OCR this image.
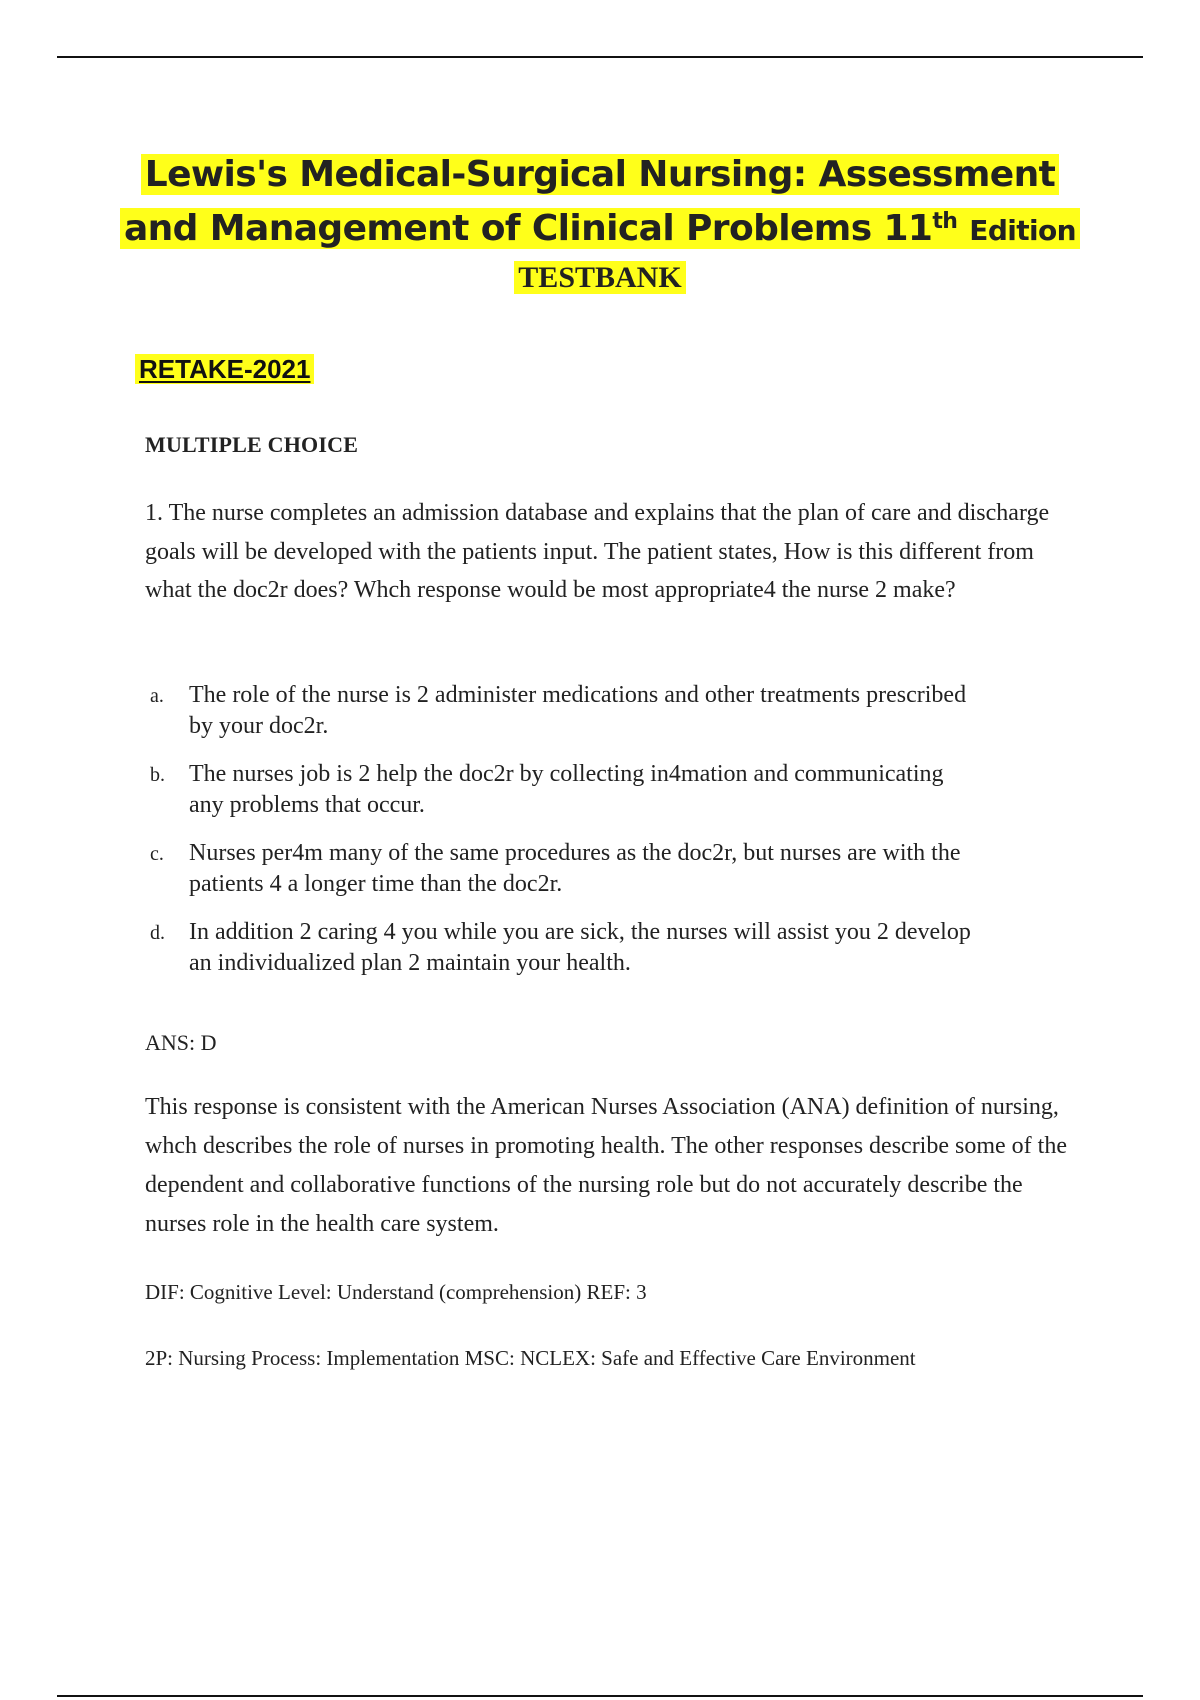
Lewis's Medical-Surgical Nursing: Assessment
and Management of Clinical Problems 11th Edition
TESTBANK
RETAKE-2021
MULTIPLE CHOICE
1. The nurse completes an admission database and explains that the plan of care and discharge goals will be developed with the patients input. The patient states, How is this different from what the doc2r does? Whch response would be most appropriate4 the nurse 2 make?
a.	The role of the nurse is 2 administer medications and other treatments prescribed by your doc2r.
b.	The nurses job is 2 help the doc2r by collecting in4mation and communicating any problems that occur.
c.	Nurses per4m many of the same procedures as the doc2r, but nurses are with the patients 4 a longer time than the doc2r.
d.	In addition 2 caring 4 you while you are sick, the nurses will assist you 2 develop an individualized plan 2 maintain your health.
ANS: D
This response is consistent with the American Nurses Association (ANA) definition of nursing, whch describes the role of nurses in promoting health. The other responses describe some of the dependent and collaborative functions of the nursing role but do not accurately describe the nurses role in the health care system.
DIF: Cognitive Level: Understand (comprehension) REF: 3
2P: Nursing Process: Implementation MSC: NCLEX: Safe and Effective Care Environment
